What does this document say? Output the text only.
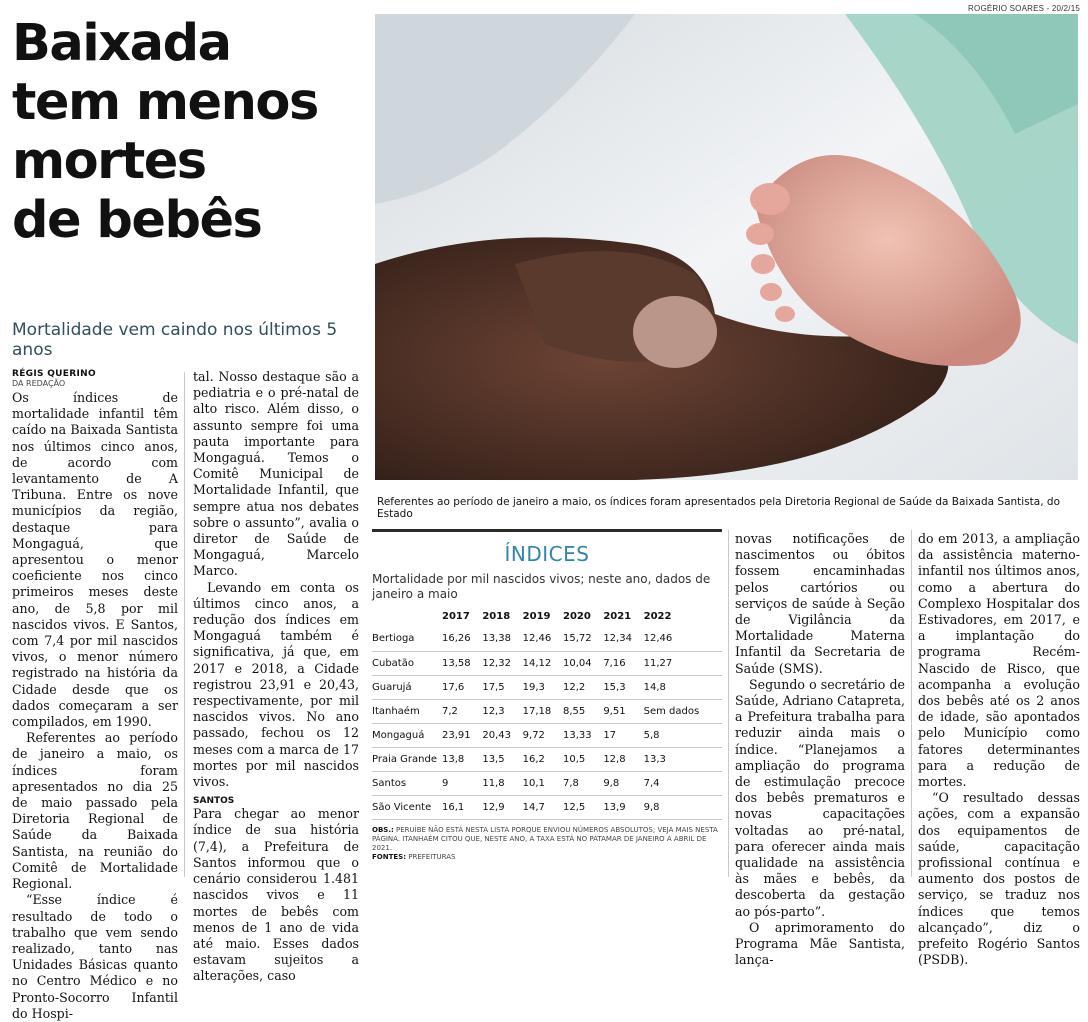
ROGÉRIO SOARES - 20/2/15
Baixada
tem menos
mortes
de bebês
Mortalidade vem caindo nos últimos 5 anos
Referentes ao período de janeiro a maio, os índices foram apresentados pela Diretoria Regional de Saúde da Baixada Santista, do Estado
RÉGIS QUERINO
DA REDAÇÃO

Os índices de mortalidade infantil têm caído na Baixada Santista nos últimos cinco anos, de acordo com levantamento de A Tribuna. Entre os nove municípios da região, destaque para Mongaguá, que apresentou o menor coeficiente nos cinco primeiros meses deste ano, de 5,8 por mil nascidos vivos. E Santos, com 7,4 por mil nascidos vivos, o menor número registrado na história da Cidade desde que os dados começaram a ser compilados, em 1990.

Referentes ao período de janeiro a maio, os índices foram apresentados no dia 25 de maio passado pela Diretoria Regional de Saúde da Baixada Santista, na reunião do Comitê de Mortalidade Regional.

“Esse índice é resultado de todo o trabalho que vem sendo realizado, tanto nas Unidades Básicas quanto no Centro Médico e no Pronto-Socorro Infantil do Hospi-

tal. Nosso destaque são a pediatria e o pré-natal de alto risco. Além disso, o assunto sempre foi uma pauta importante para Mongaguá. Temos o Comitê Municipal de Mortalidade Infantil, que sempre atua nos debates sobre o assunto”, avalia o diretor de Saúde de Mongaguá, Marcelo Marco.

Levando em conta os últimos cinco anos, a redução dos índices em Mongaguá também é significativa, já que, em 2017 e 2018, a Cidade registrou 23,91 e 20,43, respectivamente, por mil nascidos vivos. No ano passado, fechou os 12 meses com a marca de 17 mortes por mil nascidos vivos.

SANTOS

Para chegar ao menor índice de sua história (7,4), a Prefeitura de Santos informou que o cenário considerou 1.481 nascidos vivos e 11 mortes de bebês com menos de 1 ano de vida até maio. Esses dados estavam sujeitos a alterações, caso

ÍNDICES
Mortalidade por mil nascidos vivos; neste ano, dados de janeiro a maio
	2017	2018	2019	2020	2021	2022
Bertioga	16,26	13,38	12,46	15,72	12,34	12,46
Cubatão	13,58	12,32	14,12	10,04	7,16	11,27
Guarujá	17,6	17,5	19,3	12,2	15,3	14,8
Itanhaém	7,2	12,3	17,18	8,55	9,51	Sem dados
Mongaguá	23,91	20,43	9,72	13,33	17	5,8
Praia Grande	13,8	13,5	16,2	10,5	12,8	13,3
Santos	9	11,8	10,1	7,8	9,8	7,4
São Vicente	16,1	12,9	14,7	12,5	13,9	9,8
OBS.: PERUÍBE NÃO ESTÁ NESTA LISTA PORQUE ENVIOU NÚMEROS ABSOLUTOS; VEJA MAIS NESTA PÁGINA. ITANHAÉM CITOU QUE, NESTE ANO, A TAXA ESTÁ NO PATAMAR DE JANEIRO A ABRIL DE 2021.
FONTES: PREFEITURAS

novas notificações de nascimentos ou óbitos fossem encaminhadas pelos cartórios ou serviços de saúde à Seção de Vigilância da Mortalidade Materna Infantil da Secretaria de Saúde (SMS).

Segundo o secretário de Saúde, Adriano Catapreta, a Prefeitura trabalha para reduzir ainda mais o índice. “Planejamos a ampliação do programa de estimulação precoce dos bebês prematuros e novas capacitações voltadas ao pré-natal, para oferecer ainda mais qualidade na assistência às mães e bebês, da descoberta da gestação ao pós-parto”.

O aprimoramento do Programa Mãe Santista, lança-

do em 2013, a ampliação da assistência materno-infantil nos últimos anos, como a abertura do Complexo Hospitalar dos Estivadores, em 2017, e a implantação do programa Recém-Nascido de Risco, que acompanha a evolução dos bebês até os 2 anos de idade, são apontados pelo Município como fatores determinantes para a redução de mortes.

“O resultado dessas ações, com a expansão dos equipamentos de saúde, capacitação profissional contínua e aumento dos postos de serviço, se traduz nos índices que temos alcançado”, diz o prefeito Rogério Santos (PSDB).
